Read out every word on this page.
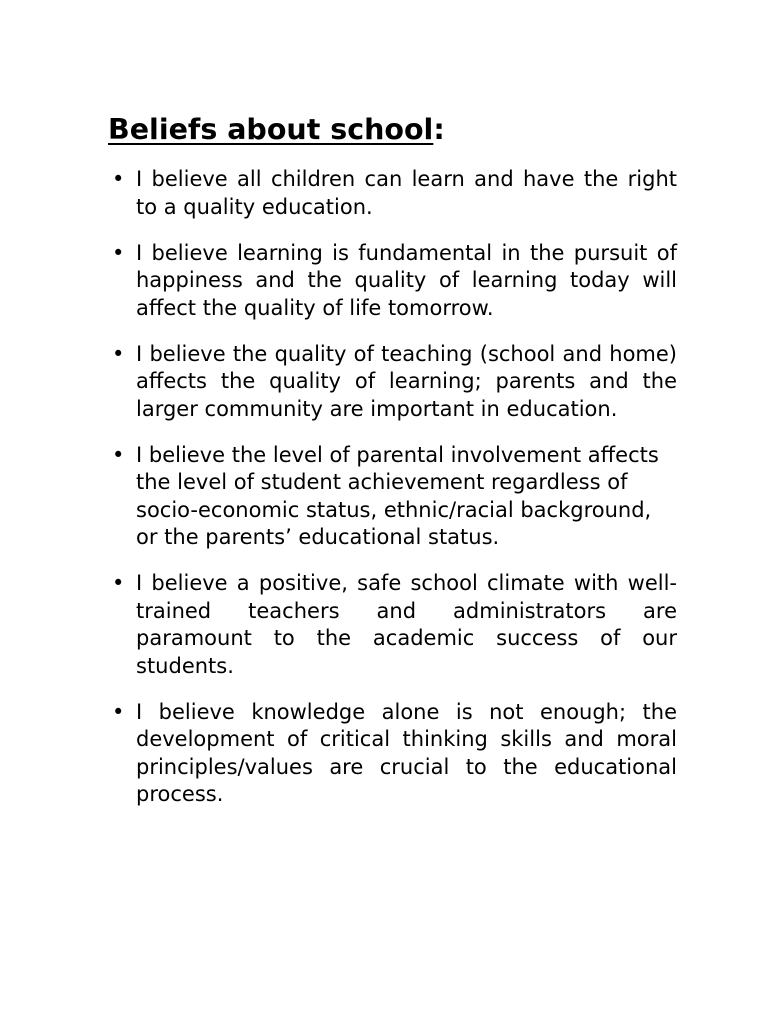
Beliefs about school:
• I believe all children can learn and have the right to a quality education.
• I believe learning is fundamental in the pursuit of happiness and the quality of learning today will affect the quality of life tomorrow.
• I believe the quality of teaching (school and home) affects the quality of learning; parents and the larger community are important in education.
• I believe the level of parental involvement affects the level of student achievement regardless of socio-economic status, ethnic/racial background, or the parents’ educational status.
• I believe a positive, safe school climate with well-trained teachers and administrators are paramount to the academic success of our students.
• I believe knowledge alone is not enough; the development of critical thinking skills and moral principles/values are crucial to the educational process.
